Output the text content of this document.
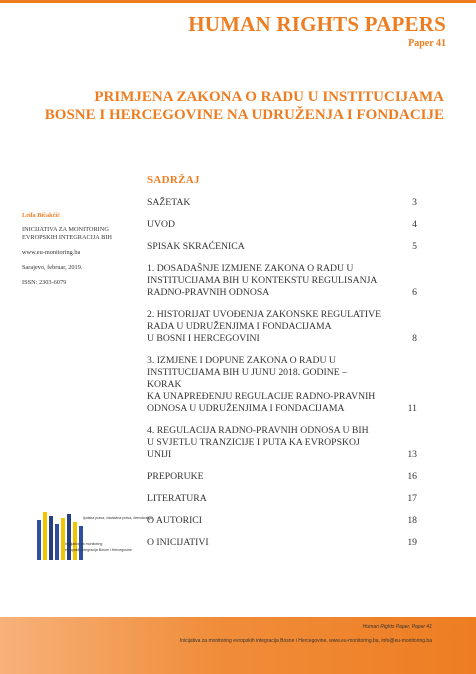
HUMAN RIGHTS PAPERS
Paper 41
PRIMJENA ZAKONA O RADU U INSTITUCIJAMA
BOSNE I HERCEGOVINE NA UDRUŽENJA I FONDACIJE
Leila Bičakčić
INICIJATIVA ZA MONITORING
EVROPSKIH INTEGRACIJA BIH
www.eu-monitoring.ba
Sarajevo, februar, 2019.
ISSN: 2303-6079
SADRŽAJ
SAŽETAK	3
UVOD	4
SPISAK SKRAĆENICA	5
1. DOSADAŠNJE IZMJENE ZAKONA O RADU U
INSTITUCIJAMA BIH U KONTEKSTU REGULISANJA
RADNO-PRAVNIH ODNOSA	6
2. HISTORIJAT UVOĐENJA ZAKONSKE REGULATIVE
RADA U UDRUŽENJIMA I FONDACIJAMA
U BOSNI I HERCEGOVINI	8
3. IZMJENE I DOPUNE ZAKONA O RADU U
INSTITUCIJAMA BIH U JUNU 2018. GODINE – KORAK
KA UNAPREĐENJU REGULACIJE RADNO-PRAVNIH
ODNOSA U UDRUŽENJIMA I FONDACIJAMA	11
4. REGULACIJA RADNO-PRAVNIH ODNOSA U BIH
U SVJETLU TRANZICIJE I PUTA KA EVROPSKOJ UNIJI	13
PREPORUKE	16
LITERATURA	17
O AUTORICI	18
O INICIJATIVI	19
ljudska prava, vladavina prava, demokratija
Inicijativa za monitoring
evropskih integracija Bosne i Hercegovine
Human Rights Paper, Paper 41
Inicijativa za monitoring evropskih integracija Bosne i Hercegovine, www.eu-monitoring.ba, info@eu-monitoring.ba
